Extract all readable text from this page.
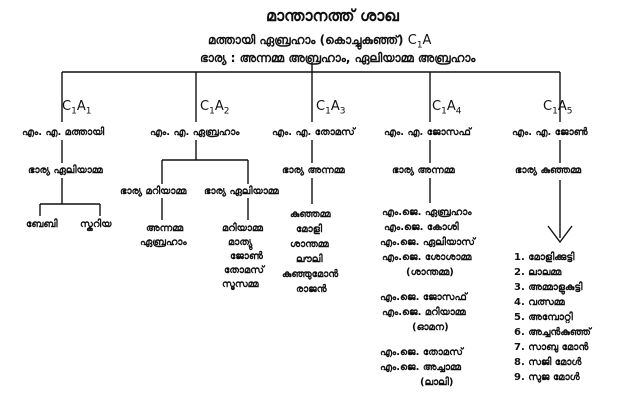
മാന്താനത്ത് ശാഖ
മത്തായി ഏബ്രഹാം (കൊച്ചുകുഞ്ഞ്) $C_1A$
ഭാര്യ : അന്നമ്മ അബ്രഹാം, ഏലിയാമ്മ അബ്രഹാം
$C_1A_1$	$C_1A_2$	$C_1A_3$	$C_1A_4$	$C_1A_5$
എം. എ. മത്തായി	എം. എ. ഏബ്രഹാം	എം. എ. തോമസ്	എം. എ. ജോസഫ്	എം. എ. ജോൺ
ഭാര്യ ഏലിയാമ്മ
ബേബി സ്കറിയ
ഭാര്യ മറിയാമ്മ ഭാര്യ ഏലിയാമ്മ
അന്നമ്മ
ഏബ്രഹാം
മറിയാമ്മ
മാത്യു
ജോൺ
തോമസ്
സൂസമ്മ
ഭാര്യ അന്നമ്മ
കുഞ്ഞമ്മ
മോളി
ശാന്തമ്മ
ലൗലി
കുഞ്ഞുമോൻ
രാജൻ
ഭാര്യ അന്നമ്മ
എം.ജെ. ഏബ്രഹാം
എം.ജെ. കോശി
എം.ജെ. ഏലിയാസ്
എം.ജെ. ശോശാമ്മ
(ശാന്തമ്മ)
എം.ജെ. ജോസഫ്
എം.ജെ. മറിയാമ്മ
(ഓമന)
എം.ജെ. തോമസ്
എം.ജെ. അച്ചാമ്മ
(ലാലി)
ഭാര്യ കുഞ്ഞമ്മ
1. മോളിക്കുട്ടി
2. ലാലമ്മ
3. അമ്മാളുകുട്ടി
4. വത്സമ്മ
5. അമ്പോറ്റി
6. അച്ചൻകുഞ്ഞ്
7. സാബു മോൻ
8. സജി മോൾ
9. സുജ മോൾ
